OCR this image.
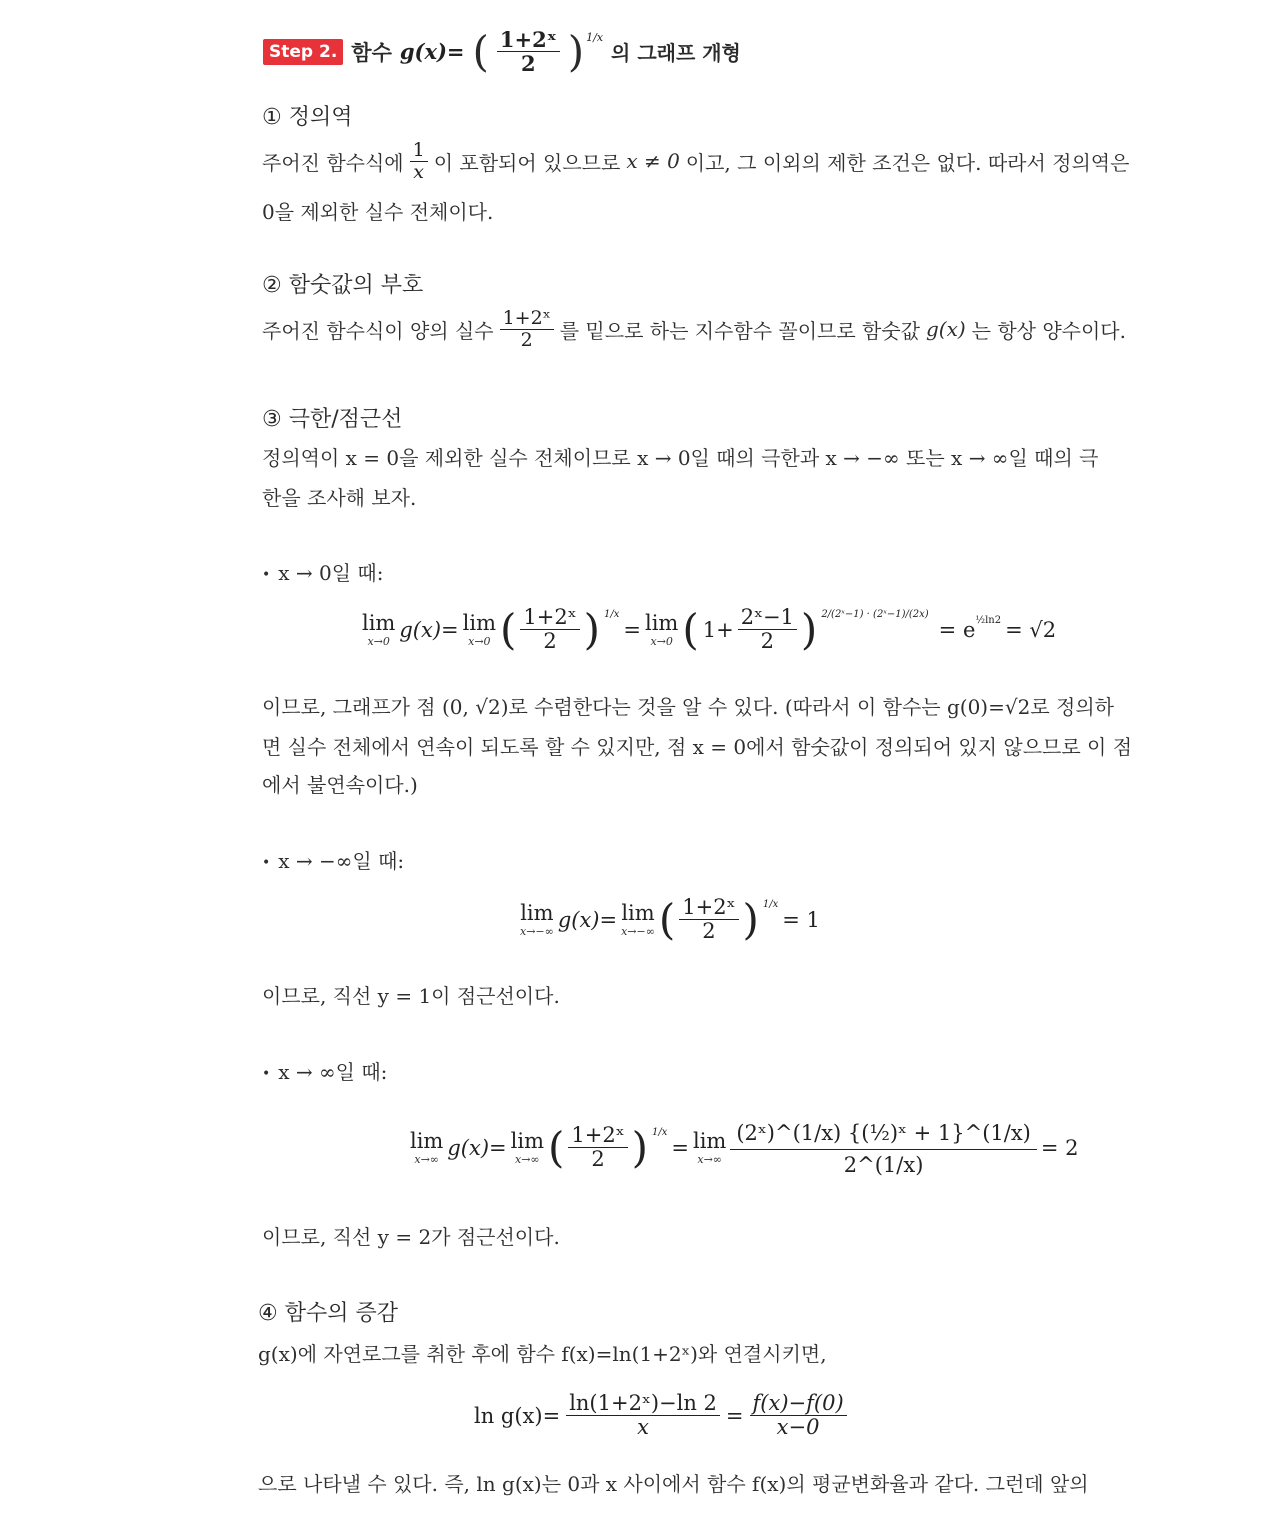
Step 2. 함수 g(x)= ( $\frac{\text{1+2ˣ}}{2}$ ) 1/x
의 그래프 개형
① 정의역
주어진 함수식에 $\frac{1}{x}$ 이 포함되어 있으므로 x ≠ 0 이고, 그 이외의 제한 조건은 없다. 따라서 정의역은
0을 제외한 실수 전체이다.
② 함숫값의 부호
주어진 함수식이 양의 실수 $\frac{\text{1+2ˣ}}{2}$ 를 밑으로 하는 지수함수 꼴이므로 함숫값 g(x) 는 항상 양수이다.
③ 극한/점근선
정의역이 x = 0을 제외한 실수 전체이므로 x → 0일 때의 극한과 x → −∞ 또는 x → ∞일 때의 극
한을 조사해 보자.
• x → 0일 때:
lim
x→0 g(x)= lim
x→0 ( $\frac{\text{1+2ˣ}}{2}$ ) 1/x
= lim
x→0 ( $1+ \frac{\text{2ˣ−1}}{2}$ ) 2/(2ˣ−1) · (2ˣ−1)/(2x)
= e ½ln2 = √2
이므로, 그래프가 점 (0, √2)로 수렴한다는 것을 알 수 있다. (따라서 이 함수는 g(0)=√2로 정의하
면 실수 전체에서 연속이 되도록 할 수 있지만, 점 x = 0에서 함숫값이 정의되어 있지 않으므로 이 점
에서 불연속이다.)
• x → −∞일 때:
lim
x→−∞ g(x)= lim
x→−∞ ( $\frac{\text{1+2ˣ}}{2}$ ) 1/x
= 1
이므로, 직선 y = 1이 점근선이다.
• x → ∞일 때:
lim
x→∞ g(x)= lim
x→∞ ( $\frac{\text{1+2ˣ}}{2}$ ) 1/x
= lim
$x\to\infty \frac{\text{(2ˣ)\textasciicircum{}(1/x) \{(½)ˣ + 1\}\textasciicircum{}(1/x)}}{2\^{}(1/x)} = 2$
이므로, 직선 y = 2가 점근선이다.
④ 함수의 증감
g(x)에 자연로그를 취한 후에 함수 f(x)=ln(1+2ˣ)와 연결시키면,
$\ln g(x)= \frac{\text{ln(1+2ˣ)−ln 2}}{x} = \frac{f(x)-f(0)}{x-0}$
으로 나타낼 수 있다. 즉, ln g(x)는 0과 x 사이에서 함수 f(x)의 평균변화율과 같다. 그런데 앞의
